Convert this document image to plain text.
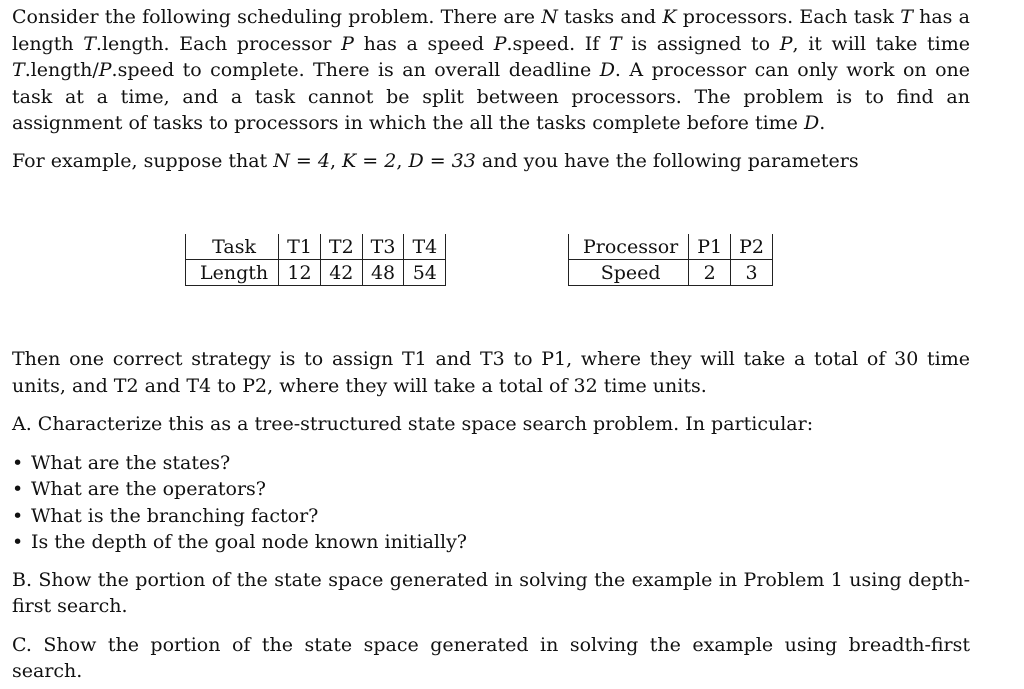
Consider the following scheduling problem. There are N tasks and K processors. Each task T has a length T.length. Each processor P has a speed P.speed. If T is assigned to P, it will take time T.length/P.speed to complete. There is an overall deadline D. A processor can only work on one task at a time, and a task cannot be split between processors. The problem is to find an assignment of tasks to processors in which the all the tasks complete before time D.

For example, suppose that N = 4, K = 2, D = 33 and you have the following parameters

Task	T1	T2	T3	T4
Length	12	42	48	54
Processor	P1	P2
Speed	2	3

Then one correct strategy is to assign T1 and T3 to P1, where they will take a total of 30 time units, and T2 and T4 to P2, where they will take a total of 32 time units.

A. Characterize this as a tree-structured state space search problem. In particular:

• What are the states?
• What are the operators?
• What is the branching factor?
• Is the depth of the goal node known initially?

B. Show the portion of the state space generated in solving the example in Problem 1 using depth-first search.

C. Show the portion of the state space generated in solving the example using breadth-first search.
